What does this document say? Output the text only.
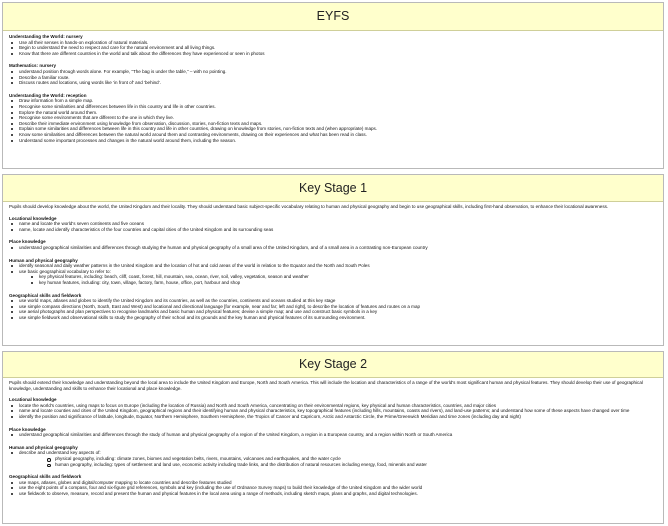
EYFS
Understanding the World: nursery
Use all their senses in hands-on exploration of natural materials.
Begin to understand the need to respect and care for the natural environment and all living things.
Know that there are different countries in the world and talk about the differences they have experienced or seen in photos
Mathematics: nursery
understand position through words alone. For example, “The bag is under the table,” – with no pointing.
Describe a familiar route.
Discuss routes and locations, using words like ‘in front of’ and ‘behind’.
Understanding the World: reception
Draw information from a simple map.
Recognise some similarities and differences between life in this country and life in other countries.
Explore the natural world around them.
Recognise some environments that are different to the one in which they live.
Describe their immediate environment using knowledge from observation, discussion, stories, non-fiction texts and maps.
Explain some similarities and differences between life in this country and life in other countries, drawing on knowledge from stories, non-fiction texts and (when appropriate) maps.
Know some similarities and differences between the natural world around them and contrasting environments, drawing on their experiences and what has been read in class.
Understand some important processes and changes in the natural world around them, including the season.
Key Stage 1
Pupils should develop knowledge about the world, the United Kingdom and their locality. They should understand basic subject-specific vocabulary relating to human and physical geography and begin to use geographical skills, including first-hand observation, to enhance their locational awareness.
Locational knowledge
name and locate the world's seven continents and five oceans
name, locate and identify characteristics of the four countries and capital cities of the United Kingdom and its surrounding seas
Place knowledge
understand geographical similarities and differences through studying the human and physical geography of a small area of the United Kingdom, and of a small area in a contrasting non-European country
Human and physical geography
identify seasonal and daily weather patterns in the United Kingdom and the location of hot and cold areas of the world in relation to the Equator and the North and South Poles
use basic geographical vocabulary to refer to:
key physical features, including: beach, cliff, coast, forest, hill, mountain, sea, ocean, river, soil, valley, vegetation, season and weather
key human features, including: city, town, village, factory, farm, house, office, port, harbour and shop
Geographical skills and fieldwork
use world maps, atlases and globes to identify the United Kingdom and its countries, as well as the countries, continents and oceans studied at this key stage
use simple compass directions (North, South, East and West) and locational and directional language [for example, near and far; left and right], to describe the location of features and routes on a map
use aerial photographs and plan perspectives to recognise landmarks and basic human and physical features; devise a simple map; and use and construct basic symbols in a key
use simple fieldwork and observational skills to study the geography of their school and its grounds and the key human and physical features of its surrounding environment.
Key Stage 2
Pupils should extend their knowledge and understanding beyond the local area to include the United Kingdom and Europe, North and South America. This will include the location and characteristics of a range of the world's most significant human and physical features. They should develop their use of geographical knowledge, understanding and skills to enhance their locational and place knowledge.
Locational knowledge
locate the world's countries, using maps to focus on Europe (including the location of Russia) and North and South America, concentrating on their environmental regions, key physical and human characteristics, countries, and major cities
name and locate counties and cities of the United Kingdom, geographical regions and their identifying human and physical characteristics, key topographical features (including hills, mountains, coasts and rivers), and land-use patterns; and understand how some of these aspects have changed over time
identify the position and significance of latitude, longitude, Equator, Northern Hemisphere, Southern Hemisphere, the Tropics of Cancer and Capricorn, Arctic and Antarctic Circle, the Prime/Greenwich Meridian and time zones (including day and night)
Place knowledge
understand geographical similarities and differences through the study of human and physical geography of a region of the United Kingdom, a region in a European country, and a region within North or South America
Human and physical geography
describe and understand key aspects of:
physical geography, including: climate zones, biomes and vegetation belts, rivers, mountains, volcanoes and earthquakes, and the water cycle
human geography, including: types of settlement and land use, economic activity including trade links, and the distribution of natural resources including energy, food, minerals and water
Geographical skills and fieldwork
use maps, atlases, globes and digital/computer mapping to locate countries and describe features studied
use the eight points of a compass, four and six-figure grid references, symbols and key (including the use of Ordnance Survey maps) to build their knowledge of the United Kingdom and the wider world
use fieldwork to observe, measure, record and present the human and physical features in the local area using a range of methods, including sketch maps, plans and graphs, and digital technologies.
